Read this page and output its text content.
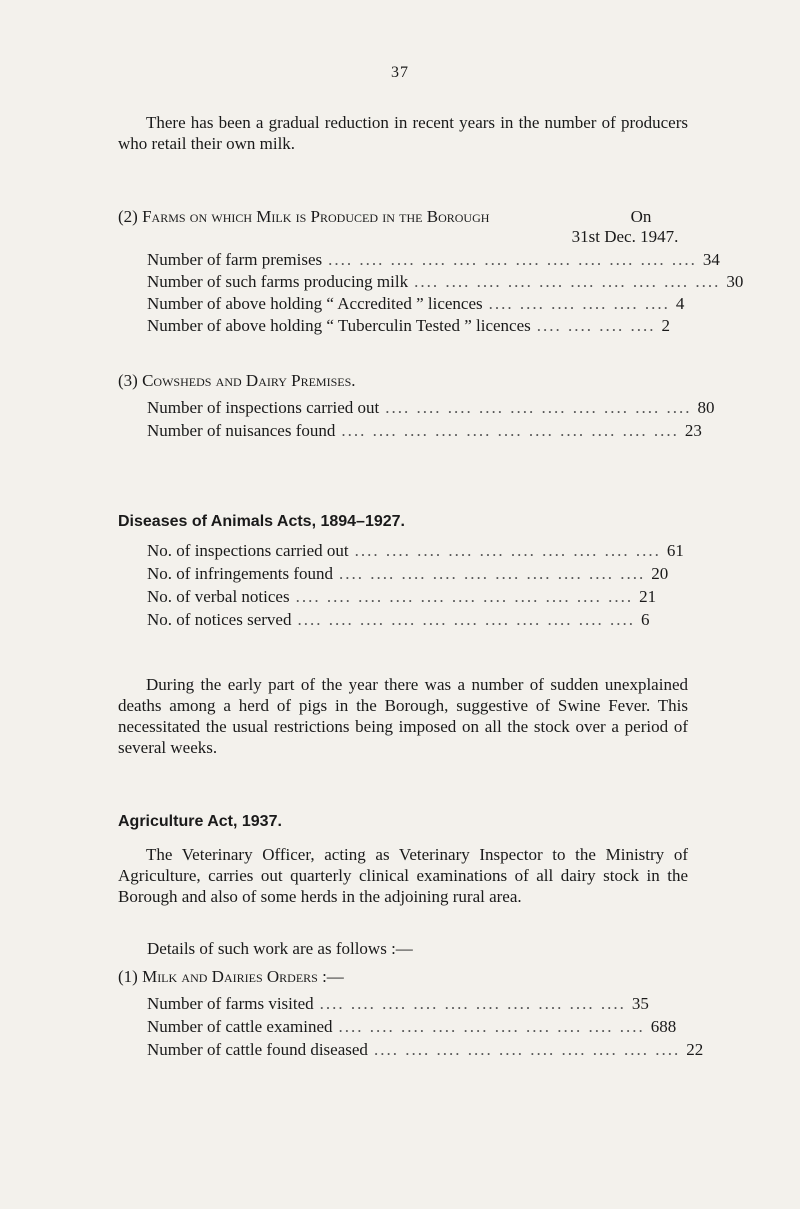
37

There has been a gradual reduction in recent years in the number of producers who retail their own milk.

(2) Farms on which Milk is Produced in the Borough	On
31st Dec. 1947.
Number of farm premises .... .... .... .... .... .... .... .... .... .... .... .... 34
Number of such farms producing milk .... .... .... .... .... .... .... .... .... .... 30
Number of above holding “ Accredited ” licences .... .... .... .... .... .... 4
Number of above holding “ Tuberculin Tested ” licences .... .... .... .... 2
(3) Cowsheds and Dairy Premises.
Number of inspections carried out .... .... .... .... .... .... .... .... .... .... 80
Number of nuisances found .... .... .... .... .... .... .... .... .... .... .... 23
Diseases of Animals Acts, 1894–1927.
No. of inspections carried out .... .... .... .... .... .... .... .... .... .... 61
No. of infringements found .... .... .... .... .... .... .... .... .... .... 20
No. of verbal notices .... .... .... .... .... .... .... .... .... .... .... 21
No. of notices served .... .... .... .... .... .... .... .... .... .... .... 6

During the early part of the year there was a number of sudden unexplained deaths among a herd of pigs in the Borough, suggestive of Swine Fever. This necessitated the usual restrictions being imposed on all the stock over a period of several weeks.

Agriculture Act, 1937.

The Veterinary Officer, acting as Veterinary Inspector to the Ministry of Agriculture, carries out quarterly clinical examinations of all dairy stock in the Borough and also of some herds in the adjoining rural area.

Details of such work are as follows :—
(1) Milk and Dairies Orders :—
Number of farms visited .... .... .... .... .... .... .... .... .... .... 35
Number of cattle examined .... .... .... .... .... .... .... .... .... .... 688
Number of cattle found diseased .... .... .... .... .... .... .... .... .... .... 22
